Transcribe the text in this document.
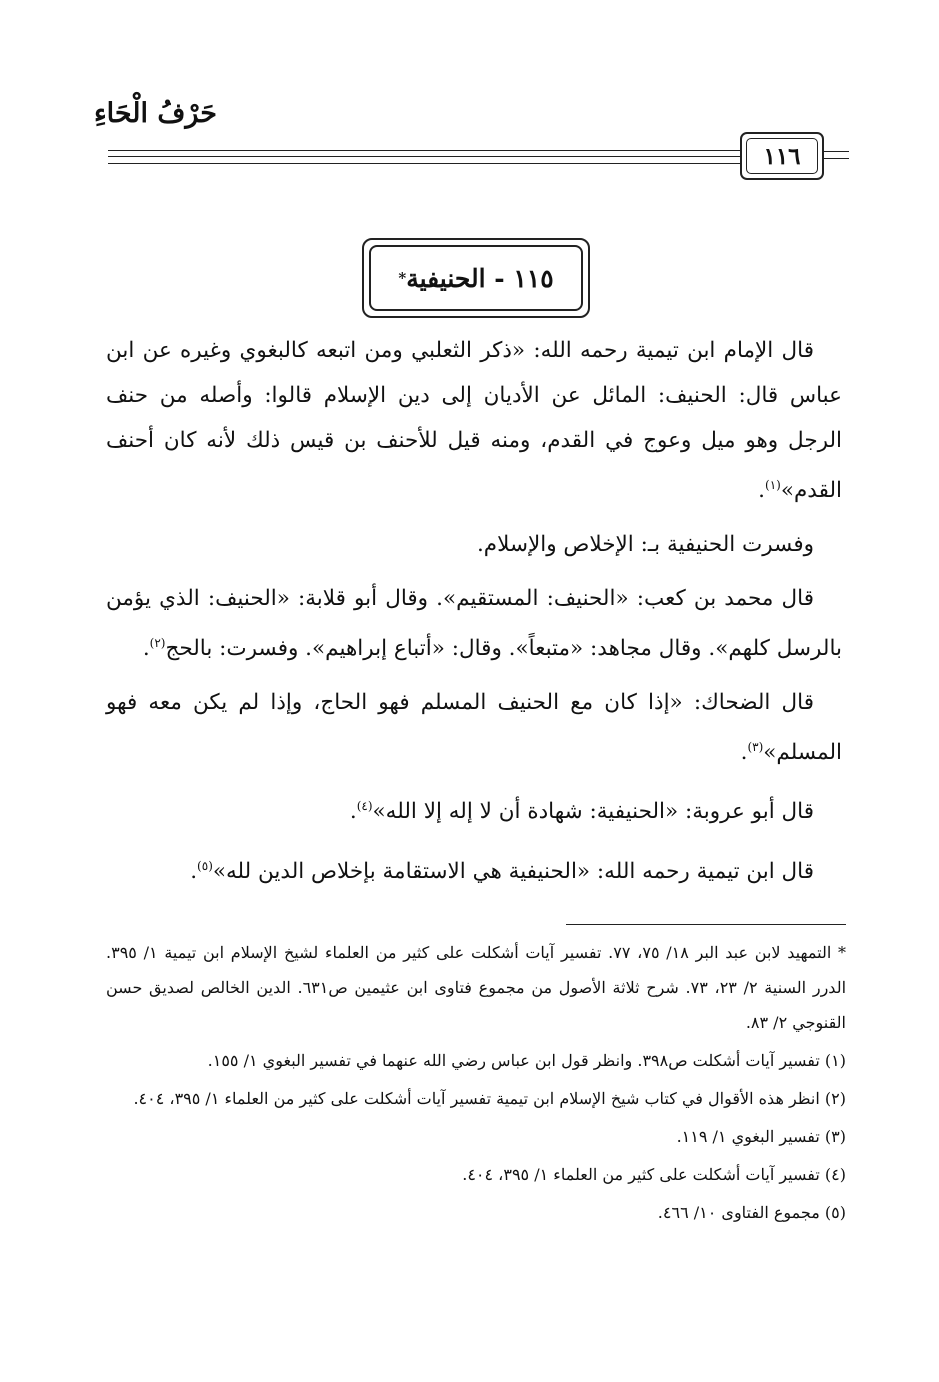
حَرْفُ الْحَاءِ
١١٦
١١٥
-
الحنيفية
*

قال الإمام ابن تيمية رحمه الله: «ذكر الثعلبي ومن اتبعه كالبغوي وغيره عن ابن عباس قال: الحنيف: المائل عن الأديان إلى دين الإسلام قالوا: وأصله من حنف الرجل وهو ميل وعوج في القدم، ومنه قيل للأحنف بن قيس ذلك لأنه كان أحنف القدم»$^{(١)}$.

وفسرت الحنيفية بـ: الإخلاص والإسلام.

قال محمد بن كعب: «الحنيف: المستقيم». وقال أبو قلابة: «الحنيف: الذي يؤمن بالرسل كلهم». وقال مجاهد: «متبعاً». وقال: «أتباع إبراهيم». وفسرت: بالحج$^{(٢)}$.

قال الضحاك: «إذا كان مع الحنيف المسلم فهو الحاج، وإذا لم يكن معه فهو المسلم»$^{(٣)}$.

قال أبو عروبة: «الحنيفية: شهادة أن لا إله إلا الله»$^{(٤)}$.

قال ابن تيمية رحمه الله: «الحنيفية هي الاستقامة بإخلاص الدين لله»$^{(٥)}$.

* التمهيد لابن عبد البر ١٨/ ٧٥، ٧٧. تفسير آيات أشكلت على كثير من العلماء لشيخ الإسلام ابن تيمية ١/ ٣٩٥. الدرر السنية ٢/ ٢٣، ٧٣. شرح ثلاثة الأصول من مجموع فتاوى ابن عثيمين ص٦٣١. الدين الخالص لصديق حسن القنوجي ٢/ ٨٣.

(١) تفسير آيات أشكلت ص٣٩٨. وانظر قول ابن عباس رضي الله عنهما في تفسير البغوي ١/ ١٥٥.

(٢) انظر هذه الأقوال في كتاب شيخ الإسلام ابن تيمية تفسير آيات أشكلت على كثير من العلماء ١/ ٣٩٥، ٤٠٤.

(٣) تفسير البغوي ١/ ١١٩.

(٤) تفسير آيات أشكلت على كثير من العلماء ١/ ٣٩٥، ٤٠٤.

(٥) مجموع الفتاوى ١٠/ ٤٦٦.
